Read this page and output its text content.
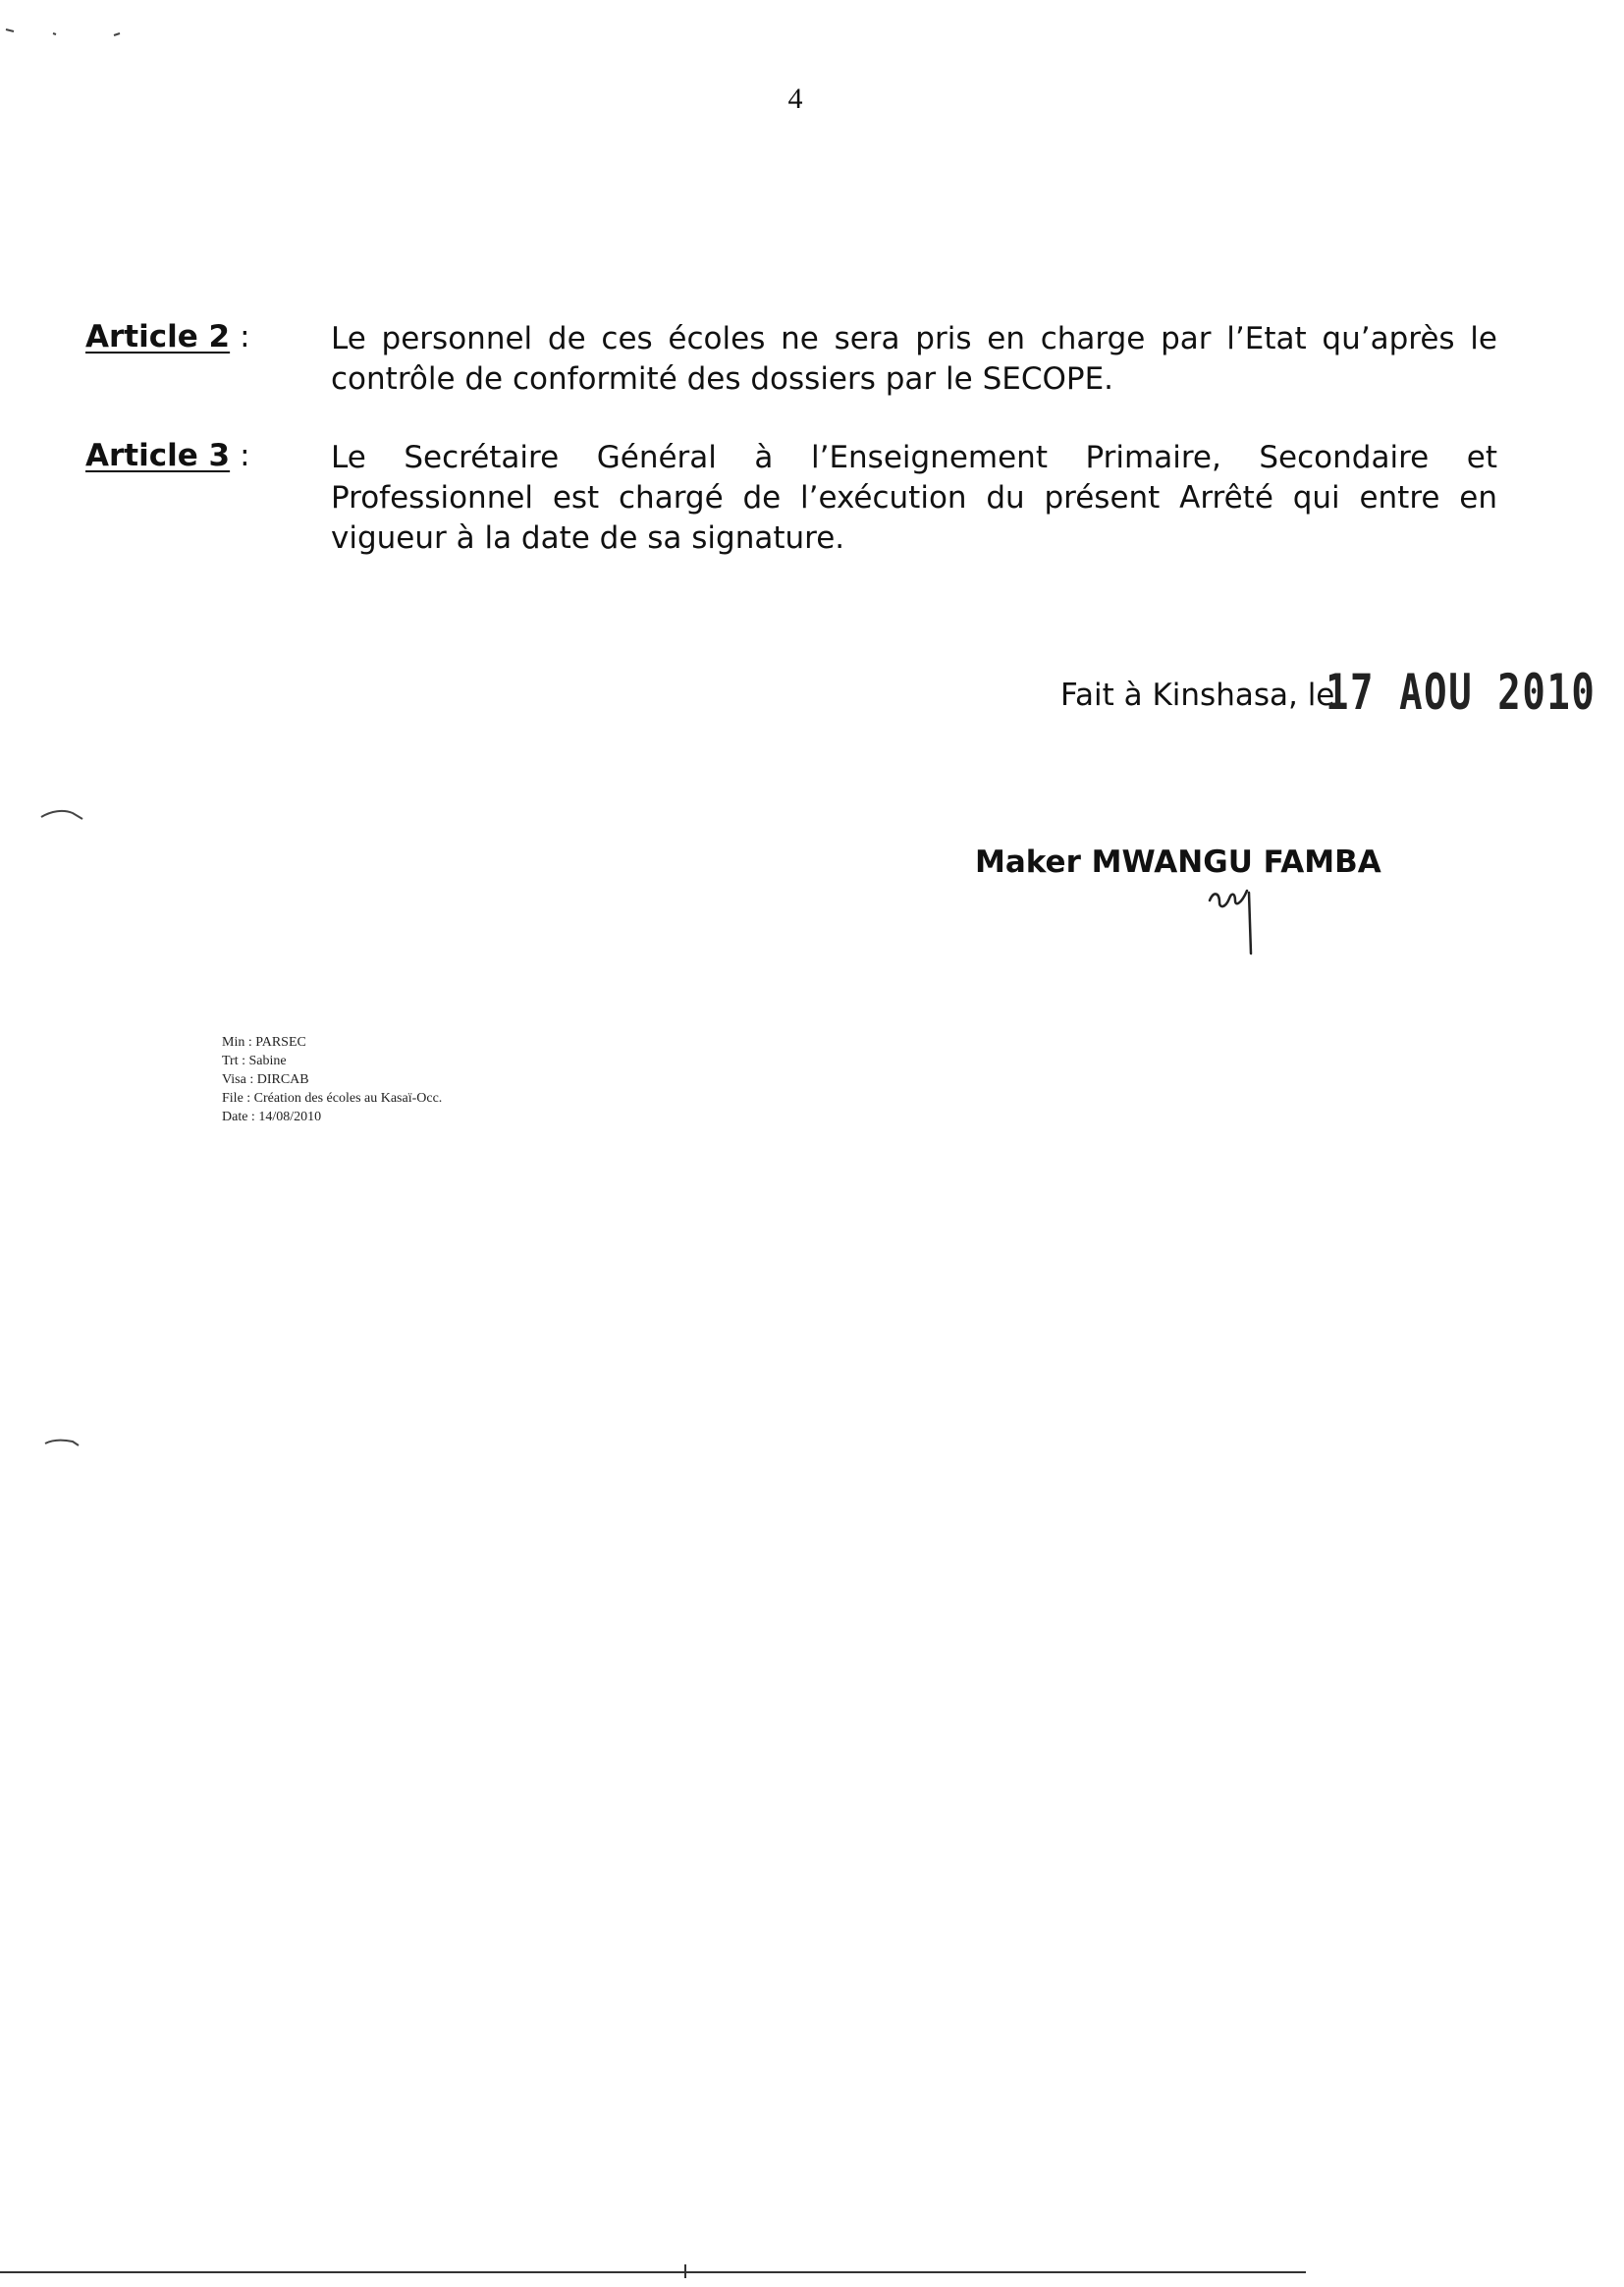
4
Article 2 :	Le personnel de ces écoles ne sera pris en charge par l’Etat qu’après le contrôle de conformité des dossiers par le SECOPE.
Article 3 :	Le Secrétaire Général à l’Enseignement Primaire, Secondaire et Professionnel est chargé de l’exécution du présent Arrêté qui entre en vigueur à la date de sa signature.
Fait à Kinshasa, le
17 AOU 2010
Maker MWANGU FAMBA
Min : PARSEC
Trt : Sabine
Visa : DIRCAB
File : Création des écoles au Kasaï-Occ.
Date : 14/08/2010
